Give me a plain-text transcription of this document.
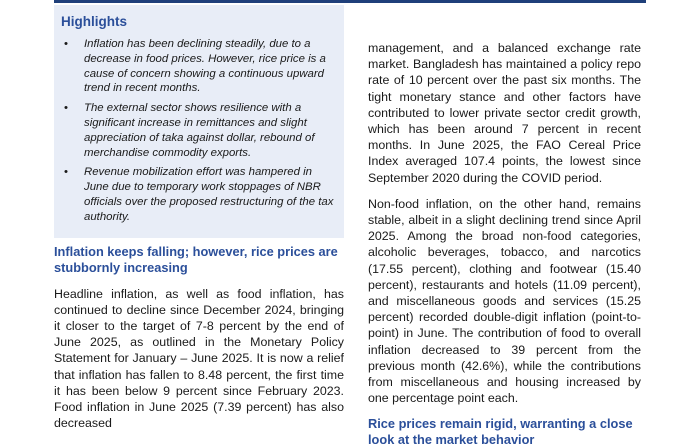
Highlights
• Inflation has been declining steadily, due to a decrease in food prices. However, rice price is a cause of concern showing a continuous upward trend in recent months.
• The external sector shows resilience with a significant increase in remittances and slight appreciation of taka against dollar, rebound of merchandise commodity exports.
• Revenue mobilization effort was hampered in June due to temporary work stoppages of NBR officials over the proposed restructuring of the tax authority.
Inflation keeps falling; however, rice prices are stubbornly increasing

Headline inflation, as well as food inflation, has continued to decline since December 2024, bringing it closer to the target of 7-8 percent by the end of June 2025, as outlined in the Monetary Policy Statement for January – June 2025. It is now a relief that inflation has fallen to 8.48 percent, the first time it has been below 9 percent since February 2023. Food inflation in June 2025 (7.39 percent) has also decreased

management, and a balanced exchange rate market. Bangladesh has maintained a policy repo rate of 10 percent over the past six months. The tight monetary stance and other factors have contributed to lower private sector credit growth, which has been around 7 percent in recent months. In June 2025, the FAO Cereal Price Index averaged 107.4 points, the lowest since September 2020 during the COVID period.

Non-food inflation, on the other hand, remains stable, albeit in a slight declining trend since April 2025. Among the broad non-food categories, alcoholic beverages, tobacco, and narcotics (17.55 percent), clothing and footwear (15.40 percent), restaurants and hotels (11.09 percent), and miscellaneous goods and services (15.25 percent) recorded double-digit inflation (point-to-point) in June. The contribution of food to overall inflation decreased to 39 percent from the previous month (42.6%), while the contributions from miscellaneous and housing increased by one percentage point each.

Rice prices remain rigid, warranting a close look at the market behavior
